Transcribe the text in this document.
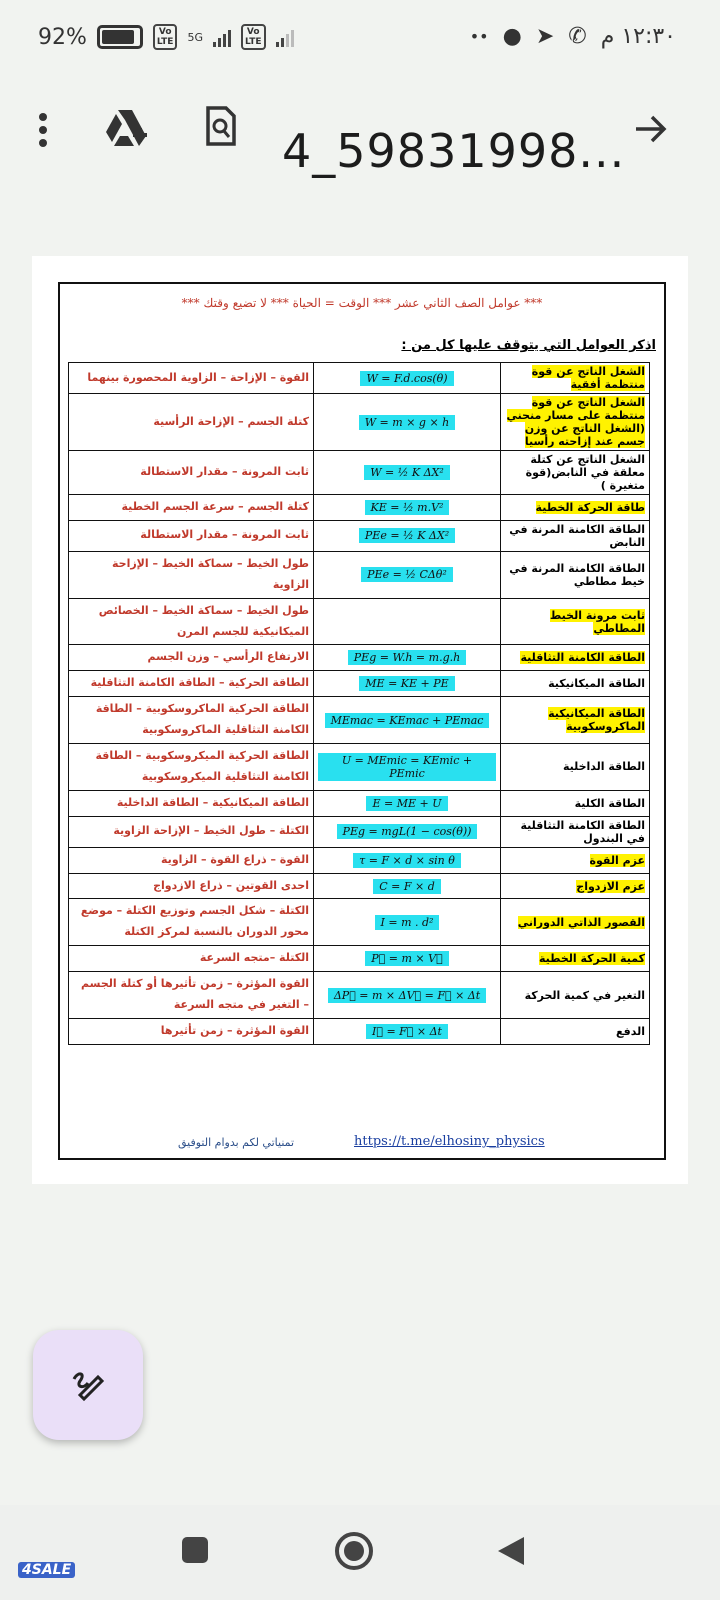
92%	Vo
LTE	5G	Vo
LTE	١٢:٣٠ م
✆
➤
●
••
4_59831998...
*** عوامل الصف الثاني عشر *** الوقت = الحياة *** لا تضيع وقتك ***
اذكر العوامل التي يتوقف عليها كل من :
الشغل الناتج عن قوة منتظمة أفقية	W = F.d.cos(θ)	القوة – الإزاحة – الزاوية المحصورة بينهما
الشغل الناتج عن قوة منتظمة على مسار منحني (الشغل الناتج عن وزن جسم عند إزاحته رأسيا	W = m × g × h	كتلة الجسم – الإزاحة الرأسية
الشغل الناتج عن كتلة معلقة في النابض(قوة متغيرة )	W = ½ K ΔX²	ثابت المرونة – مقدار الاستطالة
طاقة الحركة الخطية	KE = ½ m.V²	كتلة الجسم – سرعة الجسم الخطية
الطاقة الكامنة المرنة في النابض	PEe = ½ K ΔX²	ثابت المرونة – مقدار الاستطالة
الطاقة الكامنة المرنة في خيط مطاطي	PEe = ½ CΔθ²	طول الخيط – سماكة الخيط – الإزاحة الزاوية
ثابت مرونة الخيط المطاطي		طول الخيط – سماكة الخيط – الخصائص الميكانيكية للجسم المرن
الطاقة الكامنة التثاقلية	PEg = W.h = m.g.h	الارتفاع الرأسي – وزن الجسم
الطاقة الميكانيكية	ME = KE + PE	الطاقة الحركية – الطاقة الكامنة التثاقلية
الطاقة الميكانيكية الماكروسكوبية	MEmac = KEmac + PEmac	الطاقة الحركية الماكروسكوبية – الطاقة الكامنة التثاقلية الماكروسكوبية
الطاقة الداخلية	U = MEmic = KEmic + PEmic	الطاقة الحركية الميكروسكوبية – الطاقة الكامنة التثاقلية الميكروسكوبية
الطاقة الكلية	E = ME + U	الطاقة الميكانيكية – الطاقة الداخلية
الطاقة الكامنة التثاقلية في البندول	PEg = mgL(1 − cos(θ))	الكتلة – طول الخيط – الإزاحة الزاوية
عزم القوة	τ = F × d × sin θ	القوة – ذراع القوة – الزاوية
عزم الازدواج	C = F × d	احدى القوتين – ذراع الازدواج
القصور الذاتي الدوراني	I = m . d²	الكتلة – شكل الجسم وتوزيع الكتلة – موضع محور الدوران بالنسبة لمركز الكتلة
كمية الحركة الخطية	P⃗ = m × V⃗	الكتلة –متجه السرعة
التغير في كمية الحركة	ΔP⃗ = m × ΔV⃗ = F⃗ × Δt	القوة المؤثرة – زمن تأثيرها أو كتلة الجسم – التغير في متجه السرعة
الدفع	I⃗ = F⃗ × Δt	القوة المؤثرة – زمن تأثيرها
https://t.me/elhosiny_physics
تمنياتي لكم بدوام التوفيق
4SALE
